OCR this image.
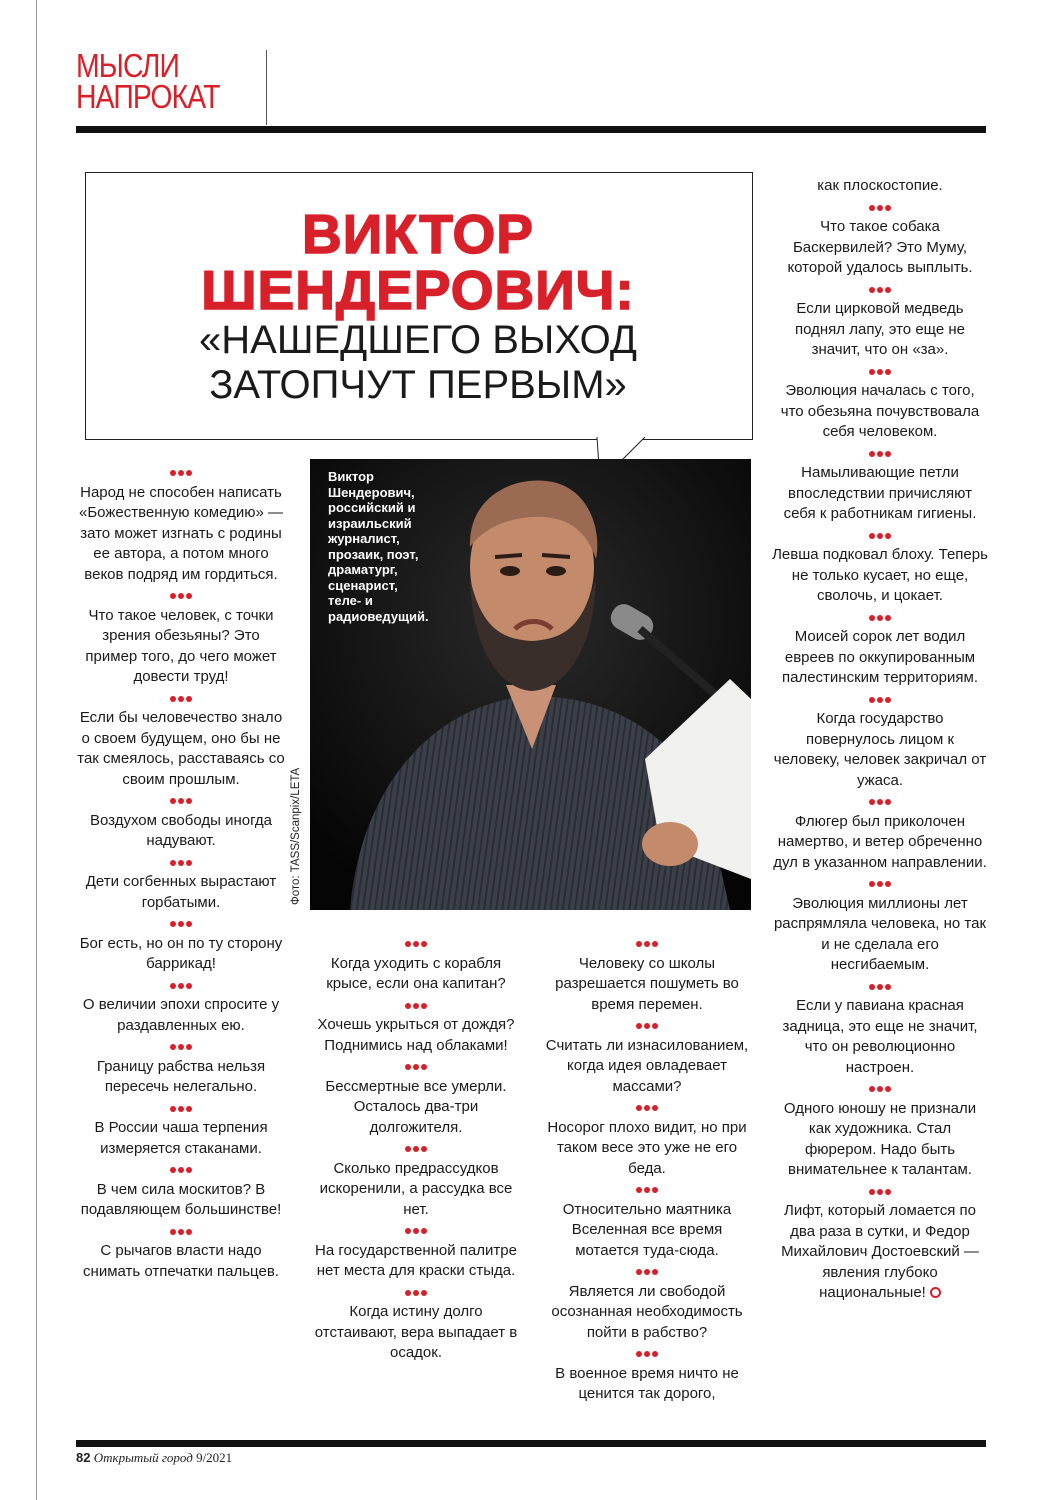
МЫСЛИ
НАПРОКАТ
ВИКТОР
ШЕНДЕРОВИЧ:
«НАШЕДШЕГО ВЫХОД
ЗАТОПЧУТ ПЕРВЫМ»
Виктор
Шендерович,
российский и
израильский
журналист,
прозаик, поэт,
драматург,
сценарист,
теле- и
радиоведущий.
Фото: TASS/Scanpix/LETA

Народ не способен написать «Божественную комедию» — зато может изгнать с родины ее автора, а потом много веков подряд им гордиться.

Что такое человек, с точки зрения обезьяны? Это пример того, до чего может довести труд!

Если бы человечество знало о своем будущем, оно бы не так смеялось, расставаясь со своим прошлым.

Воздухом свободы иногда надувают.

Дети согбенных вырастают горбатыми.

Бог есть, но он по ту сторону баррикад!

О величии эпохи спросите у раздавленных ею.

Границу рабства нельзя пересечь нелегально.

В России чаша терпения измеряется стаканами.

В чем сила москитов? В подавляющем большинстве!

С рычагов власти надо снимать отпечатки пальцев.

Когда уходить с корабля крысе, если она капитан?

Хочешь укрыться от дождя? Поднимись над облаками!

Бессмертные все умерли. Осталось два-три долгожителя.

Сколько предрассудков искоренили, а рассудка все нет.

На государственной палитре нет места для краски стыда.

Когда истину долго отстаивают, вера выпадает в осадок.

Человеку со школы разрешается пошуметь во время перемен.

Считать ли изнасилованием, когда идея овладевает массами?

Носорог плохо видит, но при таком весе это уже не его беда.

Относительно маятника Вселенная все время мотается туда-сюда.

Является ли свободой осознанная необходимость пойти в рабство?

В военное время ничто не ценится так дорого,

как плоскостопие.

Что такое собака Баскервилей? Это Муму, которой удалось выплыть.

Если цирковой медведь поднял лапу, это еще не значит, что он «за».

Эволюция началась с того, что обезьяна почувствовала себя человеком.

Намыливающие петли впоследствии причисляют себя к работникам гигиены.

Левша подковал блоху. Теперь не только кусает, но еще, сволочь, и цокает.

Моисей сорок лет водил евреев по оккупированным палестинским территориям.

Когда государство повернулось лицом к человеку, человек закричал от ужаса.

Флюгер был приколочен намертво, и ветер обреченно дул в указанном направлении.

Эволюция миллионы лет распрямляла человека, но так и не сделала его несгибаемым.

Если у павиана красная задница, это еще не значит, что он революционно настроен.

Одного юношу не признали как художника. Стал фюрером. Надо быть внимательнее к талантам.

Лифт, который ломается по два раза в сутки, и Федор Михайлович Достоевский — явления глубоко национальные!

82 Открытый город 9/2021
